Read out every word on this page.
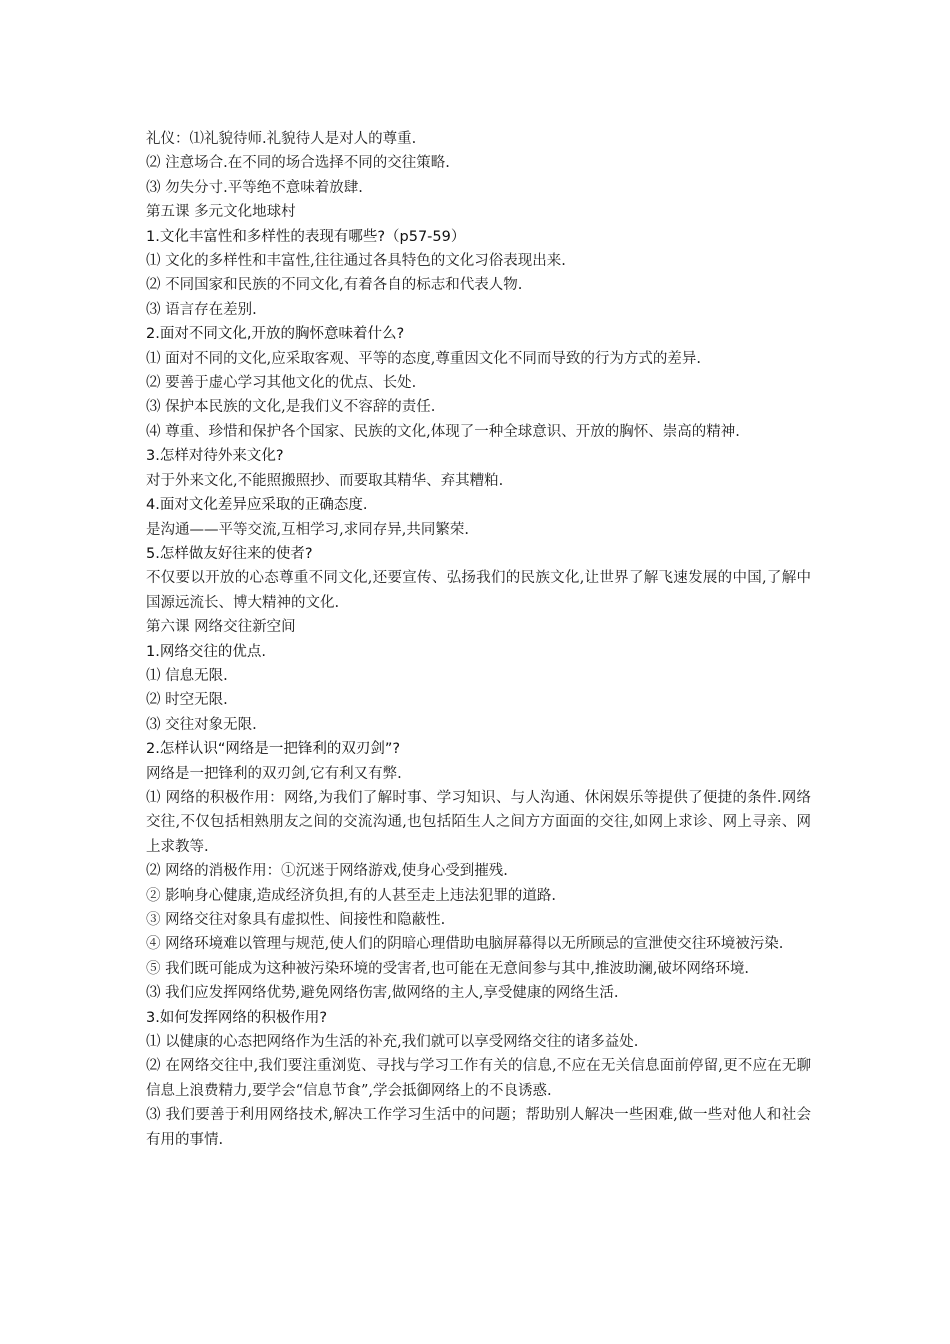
礼仪：⑴礼貌待师.礼貌待人是对人的尊重.
⑵ 注意场合.在不同的场合选择不同的交往策略.
⑶ 勿失分寸.平等绝不意味着放肆.
第五课 多元文化地球村
1.文化丰富性和多样性的表现有哪些?（p57-59）
⑴ 文化的多样性和丰富性,往往通过各具特色的文化习俗表现出来.
⑵ 不同国家和民族的不同文化,有着各自的标志和代表人物.
⑶ 语言存在差别.
2.面对不同文化,开放的胸怀意味着什么?
⑴ 面对不同的文化,应采取客观、平等的态度,尊重因文化不同而导致的行为方式的差异.
⑵ 要善于虚心学习其他文化的优点、长处.
⑶ 保护本民族的文化,是我们义不容辞的责任.
⑷ 尊重、珍惜和保护各个国家、民族的文化,体现了一种全球意识、开放的胸怀、崇高的精神.
3.怎样对待外来文化?
对于外来文化,不能照搬照抄、而要取其精华、弃其糟粕.
4.面对文化差异应采取的正确态度.
是沟通——平等交流,互相学习,求同存异,共同繁荣.
5.怎样做友好往来的使者?
不仅要以开放的心态尊重不同文化,还要宣传、弘扬我们的民族文化,让世界了解飞速发展的中国,了解中国源远流长、博大精神的文化.
第六课 网络交往新空间
1.网络交往的优点.
⑴ 信息无限.
⑵ 时空无限.
⑶ 交往对象无限.
2.怎样认识“网络是一把锋利的双刃剑”?
网络是一把锋利的双刃剑,它有利又有弊.
⑴ 网络的积极作用：网络,为我们了解时事、学习知识、与人沟通、休闲娱乐等提供了便捷的条件.网络交往,不仅包括相熟朋友之间的交流沟通,也包括陌生人之间方方面面的交往,如网上求诊、网上寻亲、网上求教等.
⑵ 网络的消极作用：①沉迷于网络游戏,使身心受到摧残.
② 影响身心健康,造成经济负担,有的人甚至走上违法犯罪的道路.
③ 网络交往对象具有虚拟性、间接性和隐蔽性.
④ 网络环境难以管理与规范,使人们的阴暗心理借助电脑屏幕得以无所顾忌的宣泄使交往环境被污染.
⑤ 我们既可能成为这种被污染环境的受害者,也可能在无意间参与其中,推波助澜,破坏网络环境.
⑶ 我们应发挥网络优势,避免网络伤害,做网络的主人,享受健康的网络生活.
3.如何发挥网络的积极作用?
⑴ 以健康的心态把网络作为生活的补充,我们就可以享受网络交往的诸多益处.
⑵ 在网络交往中,我们要注重浏览、寻找与学习工作有关的信息,不应在无关信息面前停留,更不应在无聊信息上浪费精力,要学会“信息节食”,学会抵御网络上的不良诱惑.
⑶ 我们要善于利用网络技术,解决工作学习生活中的问题；帮助别人解决一些困难,做一些对他人和社会有用的事情.
